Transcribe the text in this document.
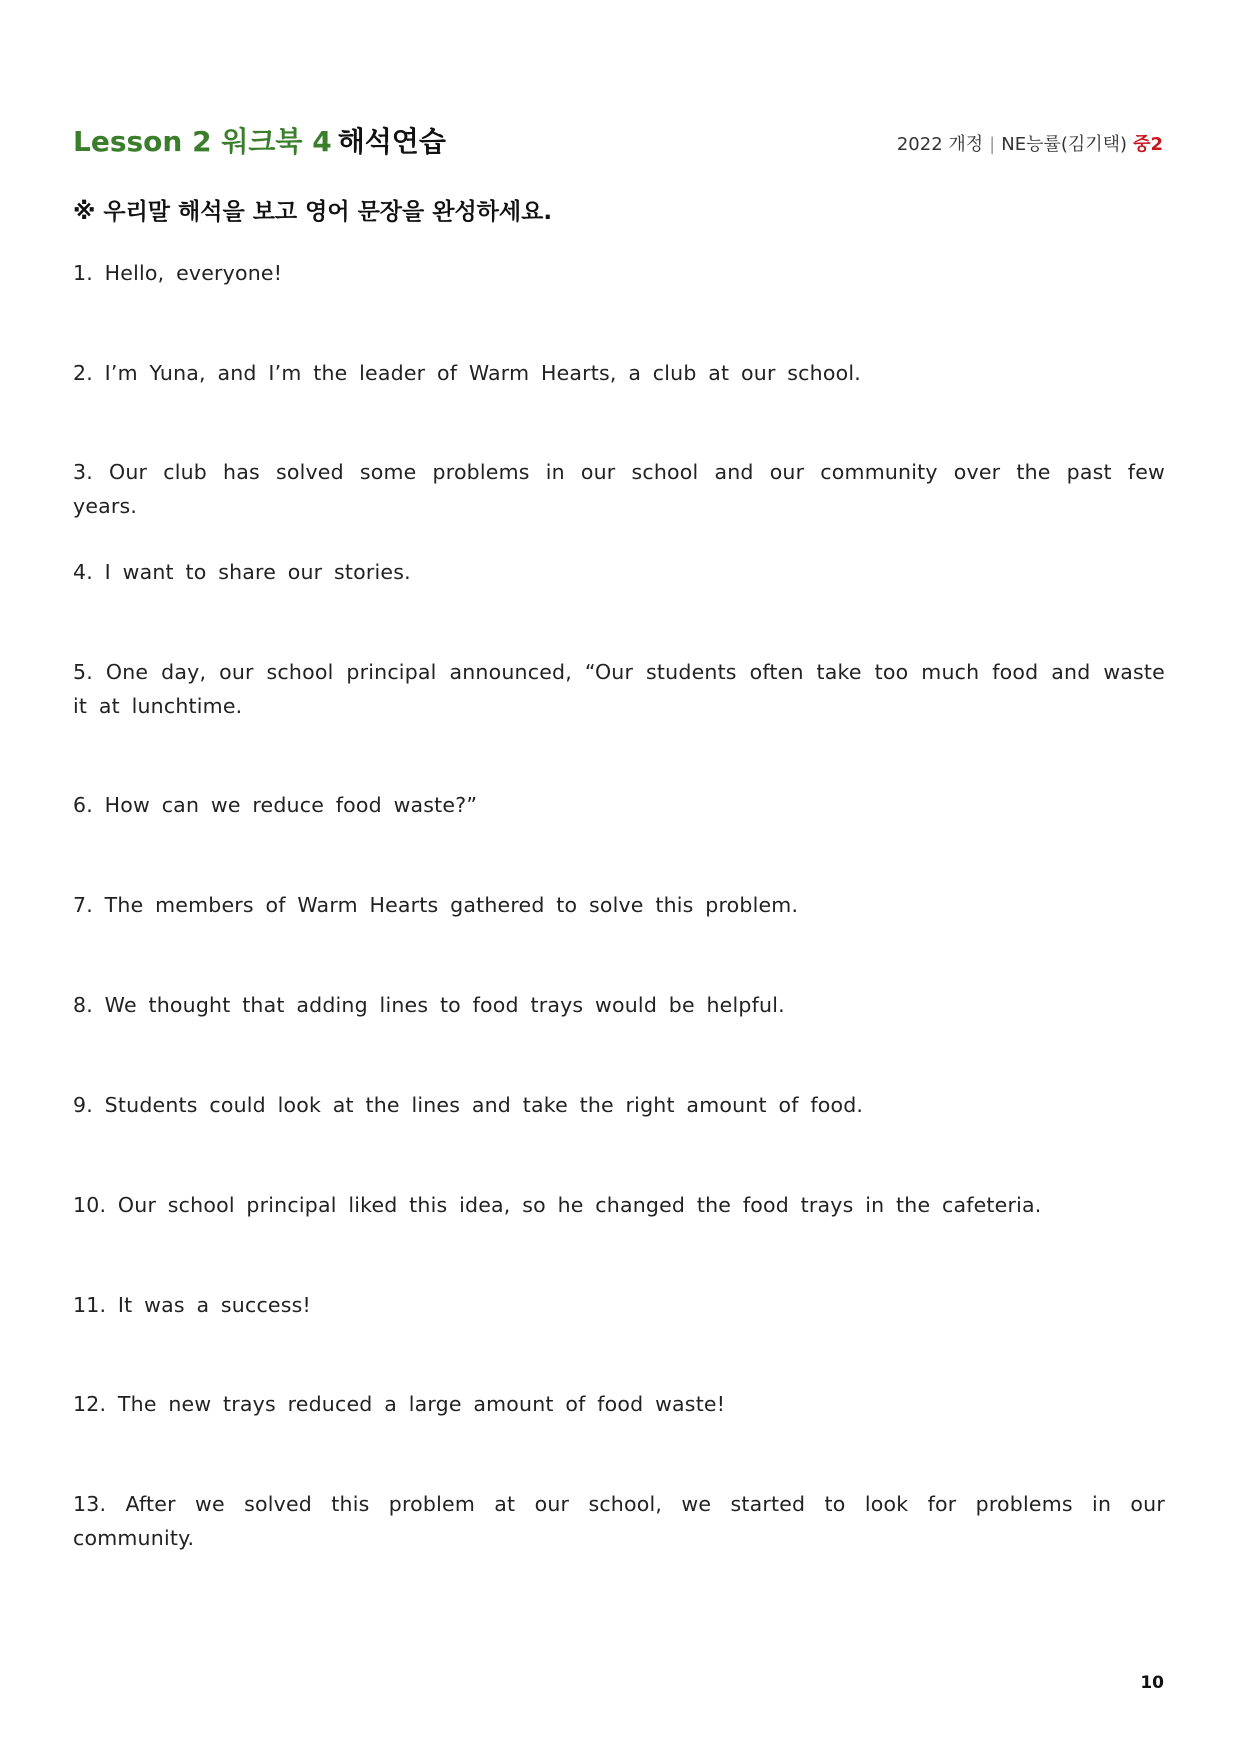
Lesson 2 워크북 4 해석연습	2022 개정 | NE능률(김기택) 중2
※ 우리말 해석을 보고 영어 문장을 완성하세요.

1. Hello, everyone!

2. I’m Yuna, and I’m the leader of Warm Hearts, a club at our school.

3. Our club has solved some problems in our school and our community over the past few years.

4. I want to share our stories.

5. One day, our school principal announced, “Our students often take too much food and waste it at lunchtime.

6. How can we reduce food waste?”

7. The members of Warm Hearts gathered to solve this problem.

8. We thought that adding lines to food trays would be helpful.

9. Students could look at the lines and take the right amount of food.

10. Our school principal liked this idea, so he changed the food trays in the cafeteria.

11. It was a success!

12. The new trays reduced a large amount of food waste!

13. After we solved this problem at our school, we started to look for problems in our community.

10
